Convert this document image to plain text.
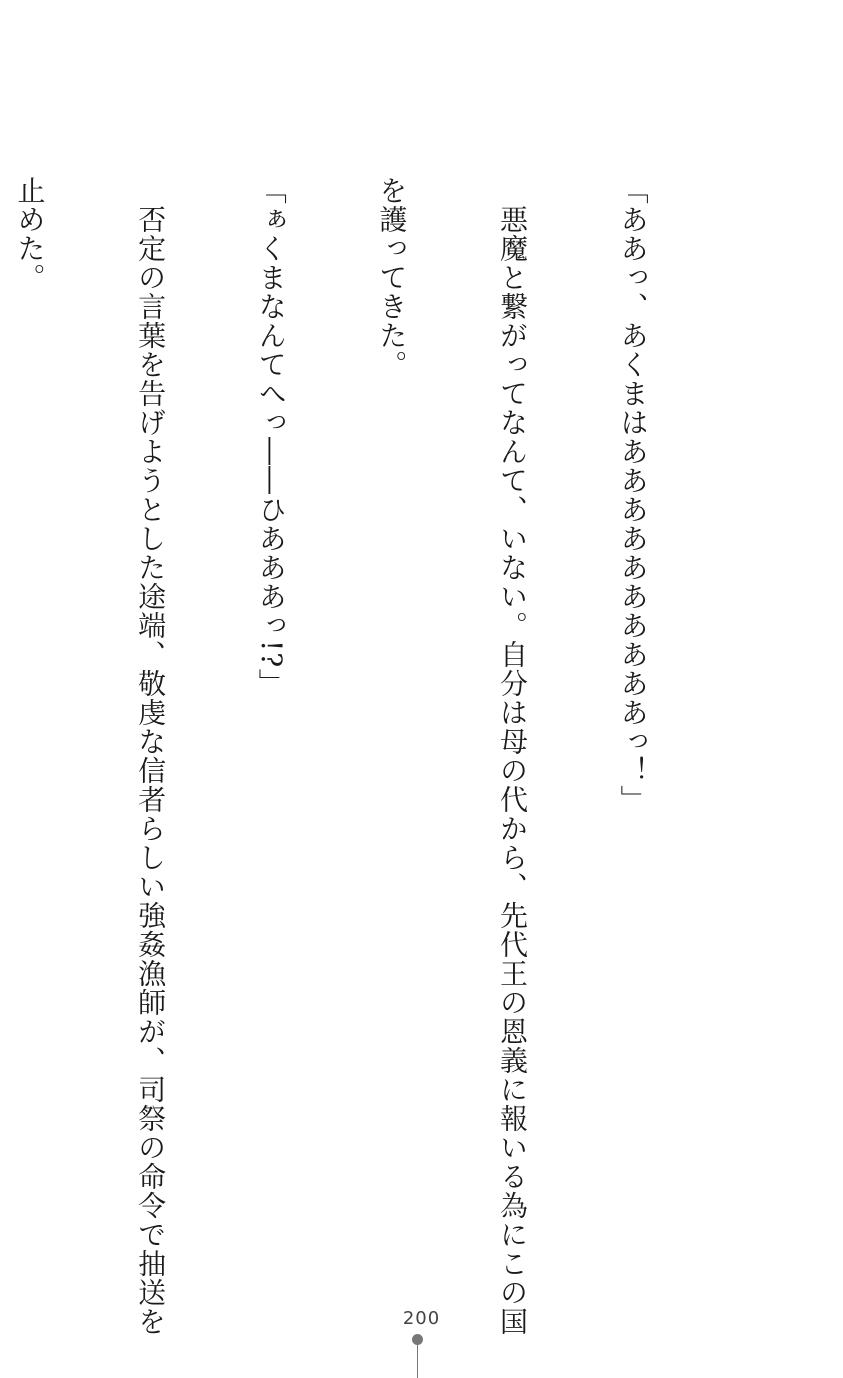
「ああっ、あくまはああああああああああっ！」

　悪魔と繋がってなんて、いない。自分は母の代から、先代王の恩義に報いる為にこの国

を護ってきた。

「ぁくまなんてへっ――ひあああっ!?」

　否定の言葉を告げようとした途端、敬虔な信者らしい強姦漁師が、司祭の命令で抽送を

止めた。

200
